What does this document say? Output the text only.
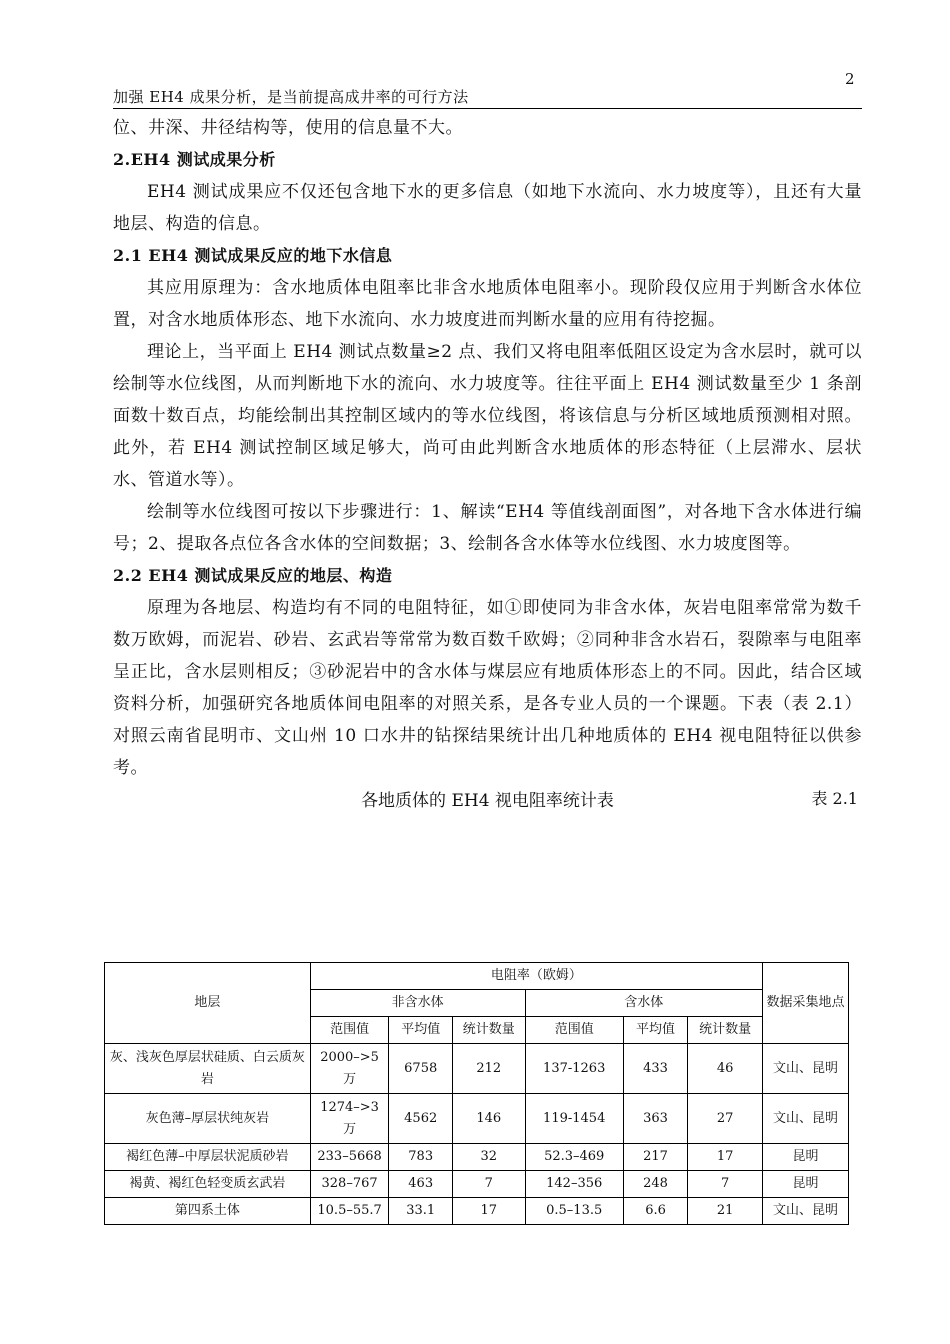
2
加强 EH4 成果分析，是当前提高成井率的可行方法

位、井深、井径结构等，使用的信息量不大。

2.EH4 测试成果分析

EH4 测试成果应不仅还包含地下水的更多信息（如地下水流向、水力坡度等），且还有大量地层、构造的信息。

2.1 EH4 测试成果反应的地下水信息

其应用原理为：含水地质体电阻率比非含水地质体电阻率小。现阶段仅应用于判断含水体位置，对含水地质体形态、地下水流向、水力坡度进而判断水量的应用有待挖掘。

理论上，当平面上 EH4 测试点数量≥2 点、我们又将电阻率低阻区设定为含水层时，就可以绘制等水位线图，从而判断地下水的流向、水力坡度等。往往平面上 EH4 测试数量至少 1 条剖面数十数百点，均能绘制出其控制区域内的等水位线图，将该信息与分析区域地质预测相对照。此外，若 EH4 测试控制区域足够大，尚可由此判断含水地质体的形态特征（上层滞水、层状水、管道水等）。

绘制等水位线图可按以下步骤进行：1、解读“EH4 等值线剖面图”，对各地下含水体进行编号；2、提取各点位各含水体的空间数据；3、绘制各含水体等水位线图、水力坡度图等。

2.2 EH4 测试成果反应的地层、构造

原理为各地层、构造均有不同的电阻特征，如①即使同为非含水体，灰岩电阻率常常为数千数万欧姆，而泥岩、砂岩、玄武岩等常常为数百数千欧姆；②同种非含水岩石，裂隙率与电阻率呈正比，含水层则相反；③砂泥岩中的含水体与煤层应有地质体形态上的不同。因此，结合区域资料分析，加强研究各地质体间电阻率的对照关系，是各专业人员的一个课题。下表（表 2.1）对照云南省昆明市、文山州 10 口水井的钻探结果统计出几种地质体的 EH4 视电阻特征以供参考。

各地质体的 EH4 视电阻率统计表	表 2.1
地层	电阻率（欧姆）						数据采集地点
	非含水体			含水体			
	范围值	平均值	统计数量	范围值	平均值	统计数量	
灰、浅灰色厚层状硅质、白云质灰岩	2000–>5 万	6758	212	137-1263	433	46	文山、昆明
灰色薄–厚层状纯灰岩	1274–>3 万	4562	146	119-1454	363	27	文山、昆明
褐红色薄–中厚层状泥质砂岩	233–5668	783	32	52.3–469	217	17	昆明
褐黄、褐红色轻变质玄武岩	328–767	463	7	142–356	248	7	昆明
第四系土体	10.5–55.7	33.1	17	0.5–13.5	6.6	21	文山、昆明
